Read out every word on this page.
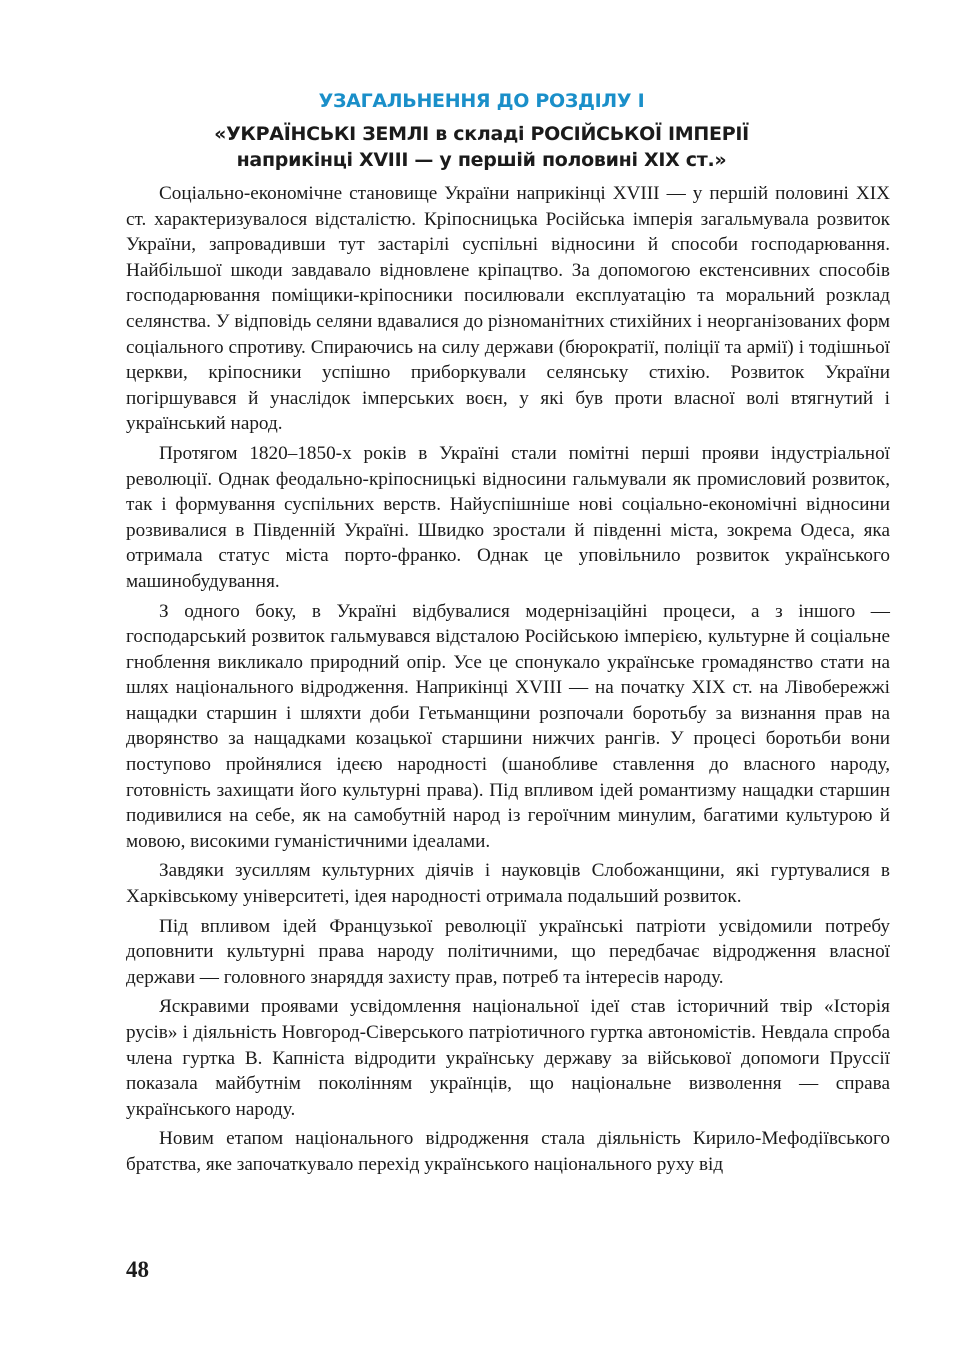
УЗАГАЛЬНЕННЯ ДО РОЗДІЛУ І
«УКРАЇНСЬКІ ЗЕМЛІ в складі РОСІЙСЬКОЇ ІМПЕРІЇ
наприкінці XVIII — у першій половині XIX ст.»

Соціально-економічне становище України наприкінці XVIII — у першій половині XIX ст. характеризувалося відсталістю. Кріпосницька Російська імперія загальмувала розвиток України, запровадивши тут застарілі суспільні відносини й способи господарювання. Найбільшої шкоди завдавало відновлене кріпацтво. За допомогою екстенсивних способів господарювання поміщики-кріпосники посилювали експлуатацію та моральний розклад селянства. У відповідь селяни вдавалися до різноманітних стихійних і неорганізованих форм соціального спротиву. Спираючись на силу держави (бюрократії, поліції та армії) і тодішньої церкви, кріпосники успішно приборкували селянську стихію. Розвиток України погіршувався й унаслідок імперських воєн, у які був проти власної волі втягнутий і український народ.

Протягом 1820–1850-х років в Україні стали помітні перші прояви індустріальної революції. Однак феодально-кріпосницькі відносини гальмували як промисловий розвиток, так і формування суспільних верств. Найуспішніше нові соціально-економічні відносини розвивалися в Південній Україні. Швидко зростали й південні міста, зокрема Одеса, яка отримала статус міста порто-франко. Однак це уповільнило розвиток українського машинобудування.

З одного боку, в Україні відбувалися модернізаційні процеси, а з іншого — господарський розвиток гальмувався відсталою Російською імперією, культурне й соціальне гноблення викликало природний опір. Усе це спонукало українське громадянство стати на шлях національного відродження. Наприкінці XVIII — на початку XIX ст. на Лівобережжі нащадки старшин і шляхти доби Гетьманщини розпочали боротьбу за визнання прав на дворянство за нащадками козацької старшини нижчих рангів. У процесі боротьби вони поступово пройнялися ідеєю народності (шанобливе ставлення до власного народу, готовність захищати його культурні права). Під впливом ідей романтизму нащадки старшин подивилися на себе, як на самобутній народ із героїчним минулим, багатими культурою й мовою, високими гуманістичними ідеалами.

Завдяки зусиллям культурних діячів і науковців Слобожанщини, які гуртувалися в Харківському університеті, ідея народності отримала подальший розвиток.

Під впливом ідей Французької революції українські патріоти усвідомили потребу доповнити культурні права народу політичними, що передбачає відродження власної держави — головного знаряддя захисту прав, потреб та інтересів народу.

Яскравими проявами усвідомлення національної ідеї став історичний твір «Історія русів» і діяльність Новгород-Сіверського патріотичного гуртка автономістів. Невдала спроба члена гуртка В. Капніста відродити українську державу за військової допомоги Пруссії показала майбутнім поколінням українців, що національне визволення — справа українського народу.

Новим етапом національного відродження стала діяльність Кирило-Мефодіївського братства, яке започаткувало перехід українського національного руху від

48
